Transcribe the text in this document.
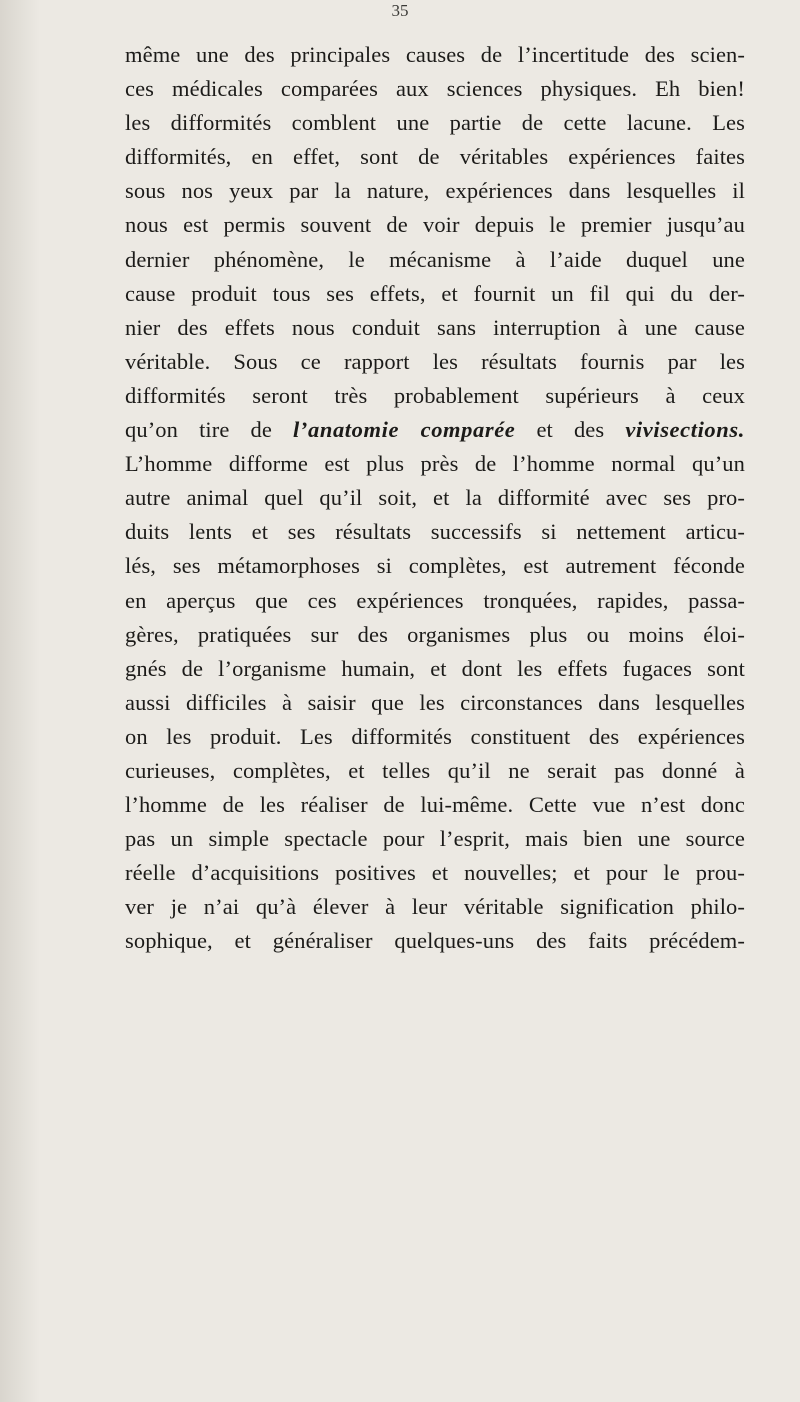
35
même une des principales causes de l’incertitude des scien-
ces médicales comparées aux sciences physiques. Eh bien!
les difformités comblent une partie de cette lacune. Les
difformités, en effet, sont de véritables expériences faites
sous nos yeux par la nature, expériences dans lesquelles il
nous est permis souvent de voir depuis le premier jusqu’au
dernier phénomène, le mécanisme à l’aide duquel une
cause produit tous ses effets, et fournit un fil qui du der-
nier des effets nous conduit sans interruption à une cause
véritable. Sous ce rapport les résultats fournis par les
difformités seront très probablement supérieurs à ceux
qu’on tire de l’anatomie comparée et des vivisections.
L’homme difforme est plus près de l’homme normal qu’un
autre animal quel qu’il soit, et la difformité avec ses pro-
duits lents et ses résultats successifs si nettement articu-
lés, ses métamorphoses si complètes, est autrement féconde
en aperçus que ces expériences tronquées, rapides, passa-
gères, pratiquées sur des organismes plus ou moins éloi-
gnés de l’organisme humain, et dont les effets fugaces sont
aussi difficiles à saisir que les circonstances dans lesquelles
on les produit. Les difformités constituent des expériences
curieuses, complètes, et telles qu’il ne serait pas donné à
l’homme de les réaliser de lui-même. Cette vue n’est donc
pas un simple spectacle pour l’esprit, mais bien une source
réelle d’acquisitions positives et nouvelles; et pour le prou-
ver je n’ai qu’à élever à leur véritable signification philo-
sophique, et généraliser quelques-uns des faits précédem-
